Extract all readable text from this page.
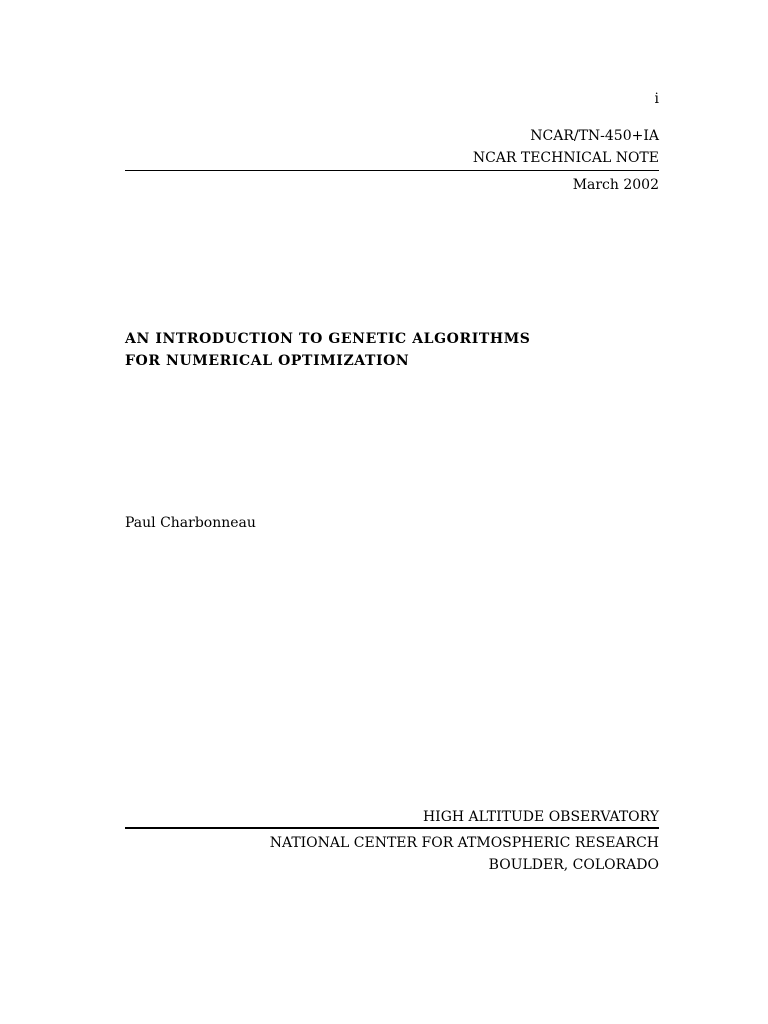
i
NCAR/TN-450+IA
NCAR TECHNICAL NOTE
March 2002
AN INTRODUCTION TO GENETIC ALGORITHMS
FOR NUMERICAL OPTIMIZATION
Paul Charbonneau
HIGH ALTITUDE OBSERVATORY
NATIONAL CENTER FOR ATMOSPHERIC RESEARCH
BOULDER, COLORADO
